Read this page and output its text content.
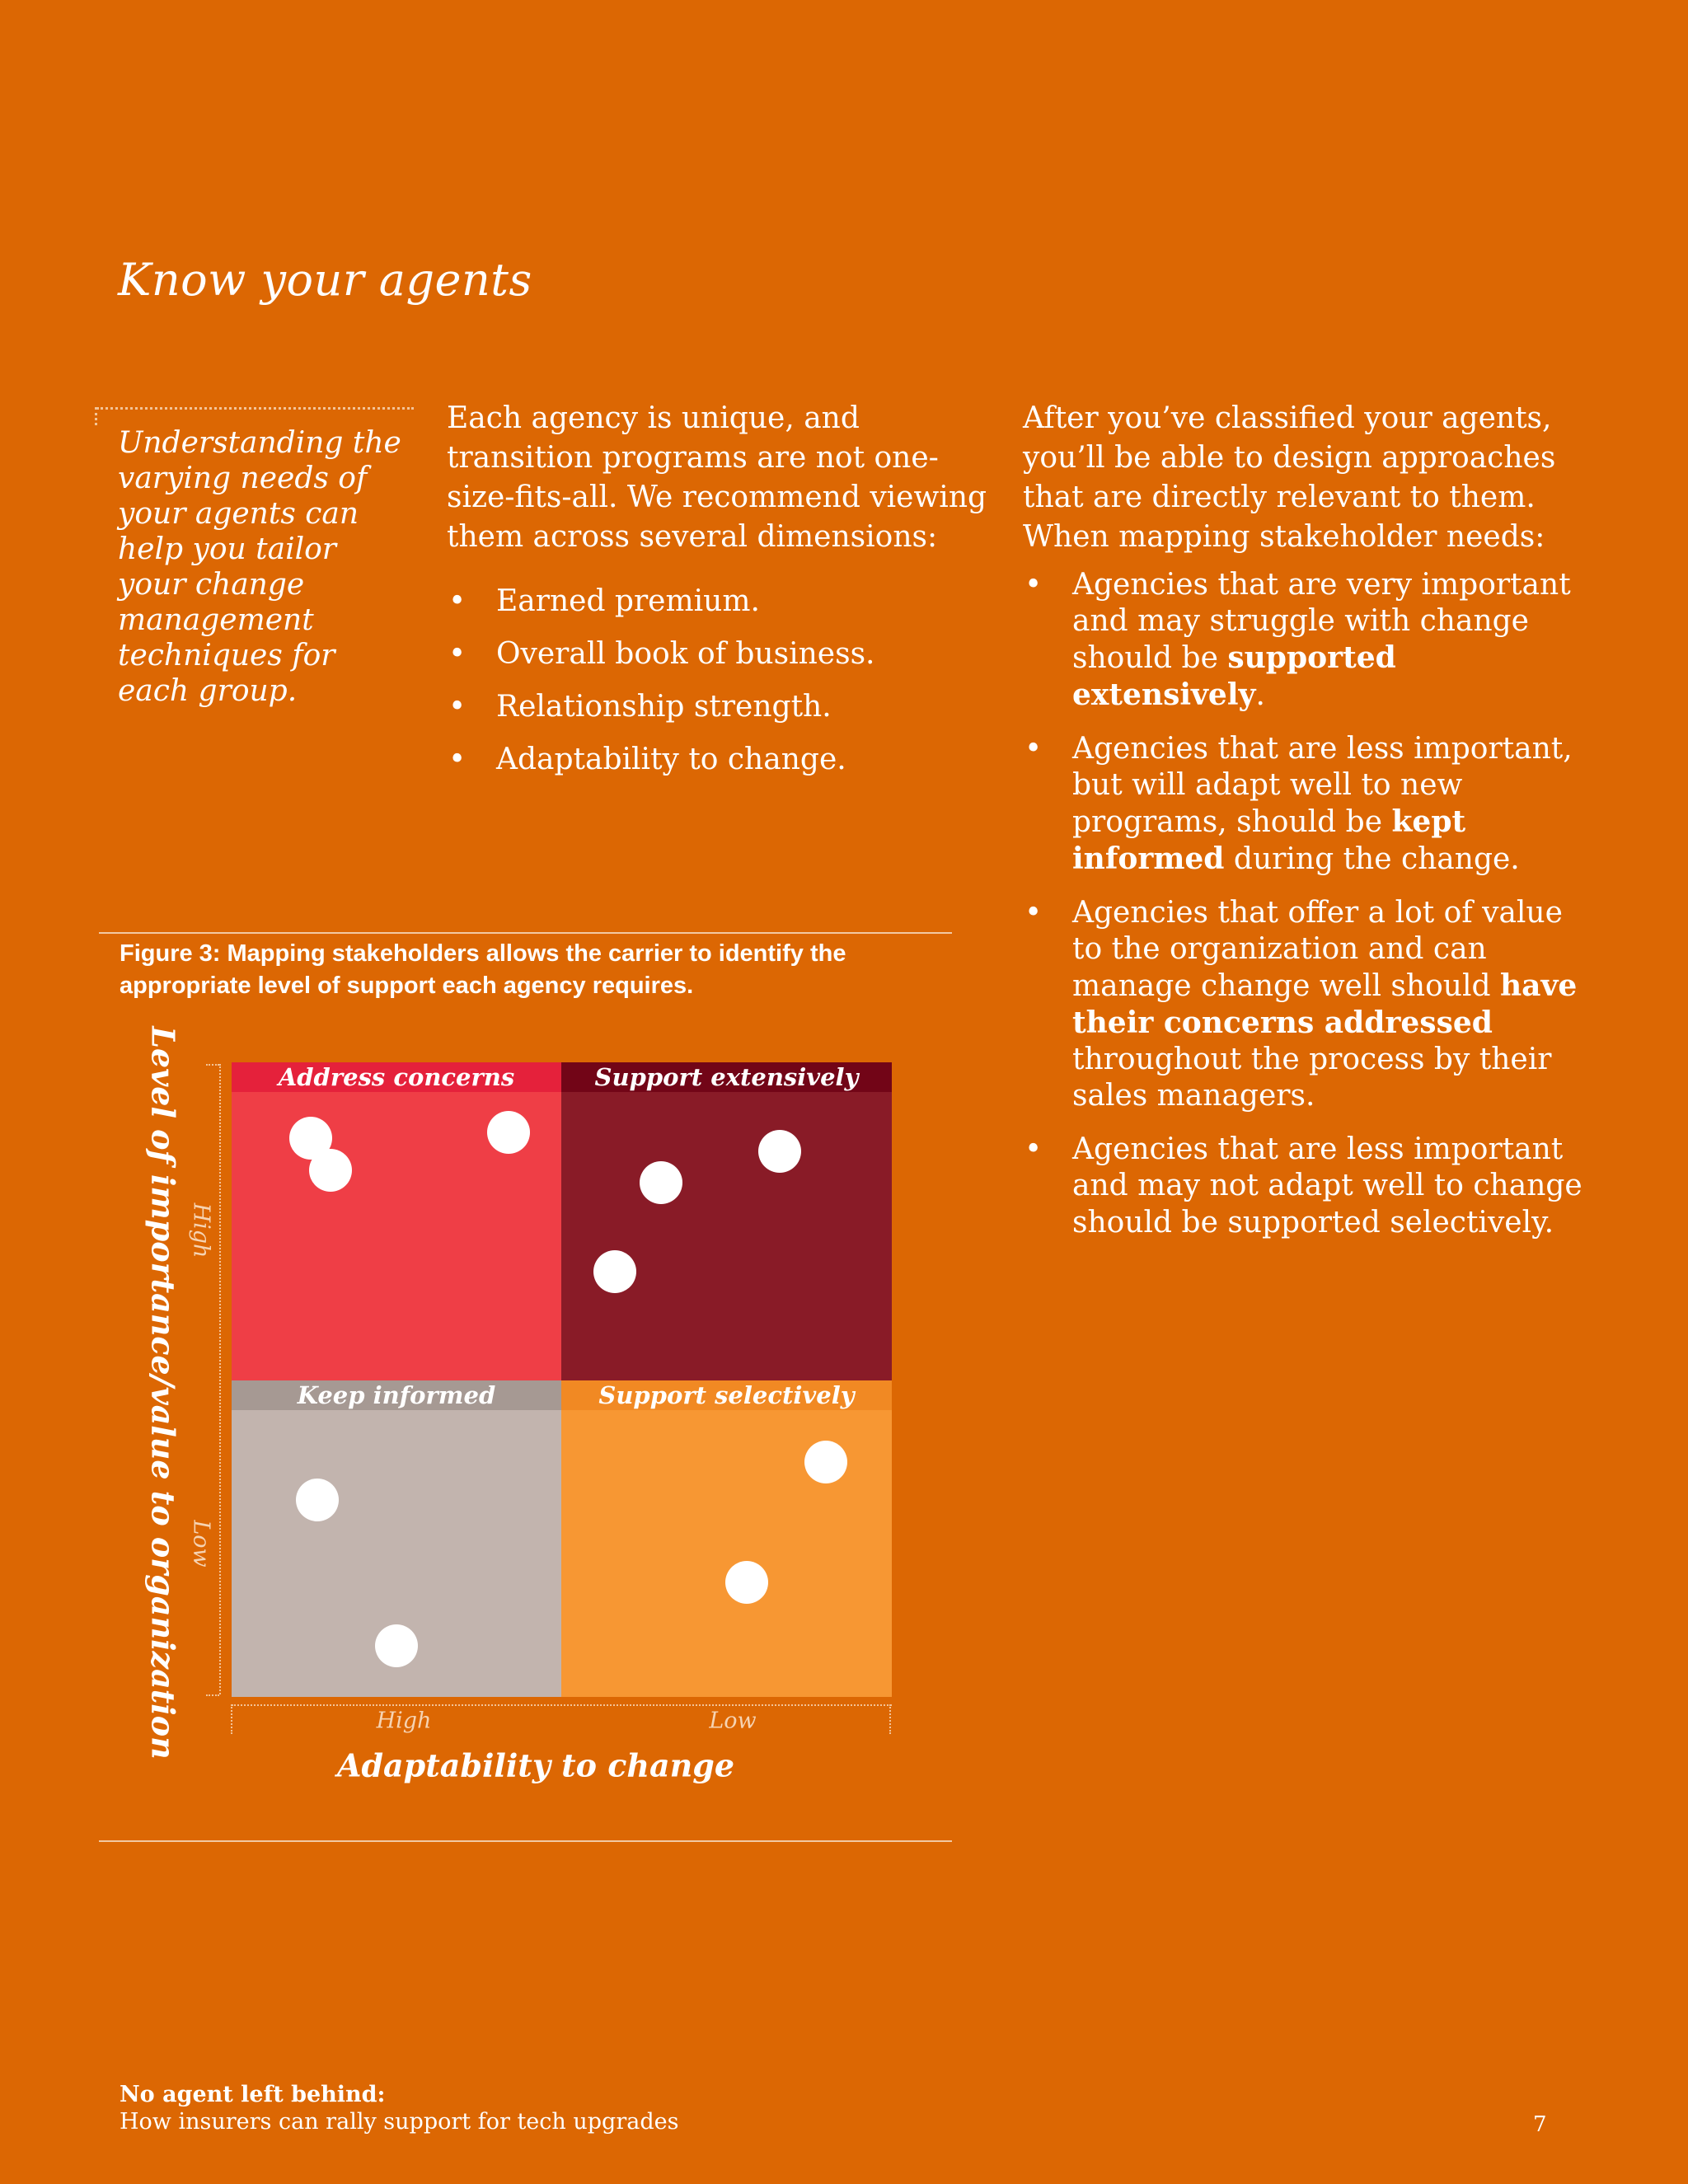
Know your agents

Understanding the varying needs of your agents can help you tailor your change management techniques for each group.

Each agency is unique, and transition programs are not one-size-fits-all. We recommend viewing them across several dimensions:

• Earned premium.
• Overall book of business.
• Relationship strength.
• Adaptability to change.

After you’ve classified your agents, you’ll be able to design approaches that are directly relevant to them. When mapping stakeholder needs:

• Agencies that are very important and may struggle with change should be supported extensively.
• Agencies that are less important, but will adapt well to new programs, should be kept informed during the change.
• Agencies that offer a lot of value to the organization and can manage change well should have their concerns addressed throughout the process by their sales managers.
• Agencies that are less important and may not adapt well to change should be supported selectively.

Figure 3: Mapping stakeholders allows the carrier to identify the appropriate level of support each agency requires.

High
Low
High	Low
Level of importance/value to organization
Adaptability to change
Address concerns	Support extensively
Keep informed	Support selectively
No agent left behind:
How insurers can rally support for tech upgrades	7
